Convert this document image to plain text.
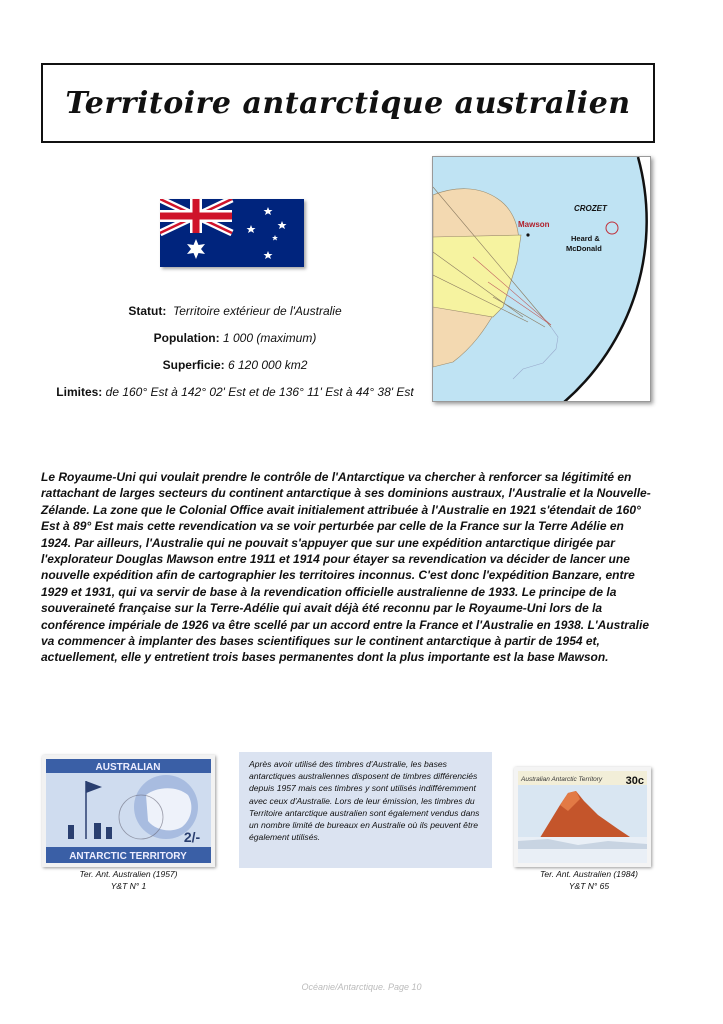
Territoire antarctique australien
CROZET
Mawson
Heard &
McDonald
Statut: Territoire extérieur de l'Australie
Population: 1 000 (maximum)
Superficie: 6 120 000 km2
Limites: de 160° Est à 142° 02' Est et de 136° 11' Est à 44° 38' Est

Le Royaume-Uni qui voulait prendre le contrôle de l'Antarctique va chercher à renforcer sa légitimité en rattachant de larges secteurs du continent antarctique à ses dominions austraux, l'Australie et la Nouvelle-Zélande. La zone que le Colonial Office avait initialement attribuée à l'Australie en 1921 s'étendait de 160° Est à 89° Est mais cette revendication va se voir perturbée par celle de la France sur la Terre Adélie en 1924. Par ailleurs, l'Australie qui ne pouvait s'appuyer que sur une expédition antarctique dirigée par l'explorateur Douglas Mawson entre 1911 et 1914 pour étayer sa revendication va décider de lancer une nouvelle expédition afin de cartographier les territoires inconnus. C'est donc l'expédition Banzare, entre 1929 et 1931, qui va servir de base à la revendication officielle australienne de 1933. Le principe de la souveraineté française sur la Terre-Adélie qui avait déjà été reconnu par le Royaume-Uni lors de la conférence impériale de 1926 va être scellé par un accord entre la France et l'Australie en 1938. L'Australie va commencer à implanter des bases scientifiques sur le continent antarctique à partir de 1954 et, actuellement, elle y entretient trois bases permanentes dont la plus importante est la base Mawson.

AUSTRALIAN
ANTARCTIC TERRITORY
2/-
Ter. Ant. Australien (1957)
Y&T N° 1
Après avoir utilisé des timbres d'Australie, les bases antarctiques australiennes disposent de timbres différenciés depuis 1957 mais ces timbres y sont utilisés indifféremment avec ceux d'Australie. Lors de leur émission, les timbres du Territoire antarctique australien sont également vendus dans un nombre limité de bureaux en Australie où ils peuvent être également utilisés.
Australian Antarctic Territory 30c
Ter. Ant. Australien (1984)
Y&T N° 65
Océanie/Antarctique. Page 10
